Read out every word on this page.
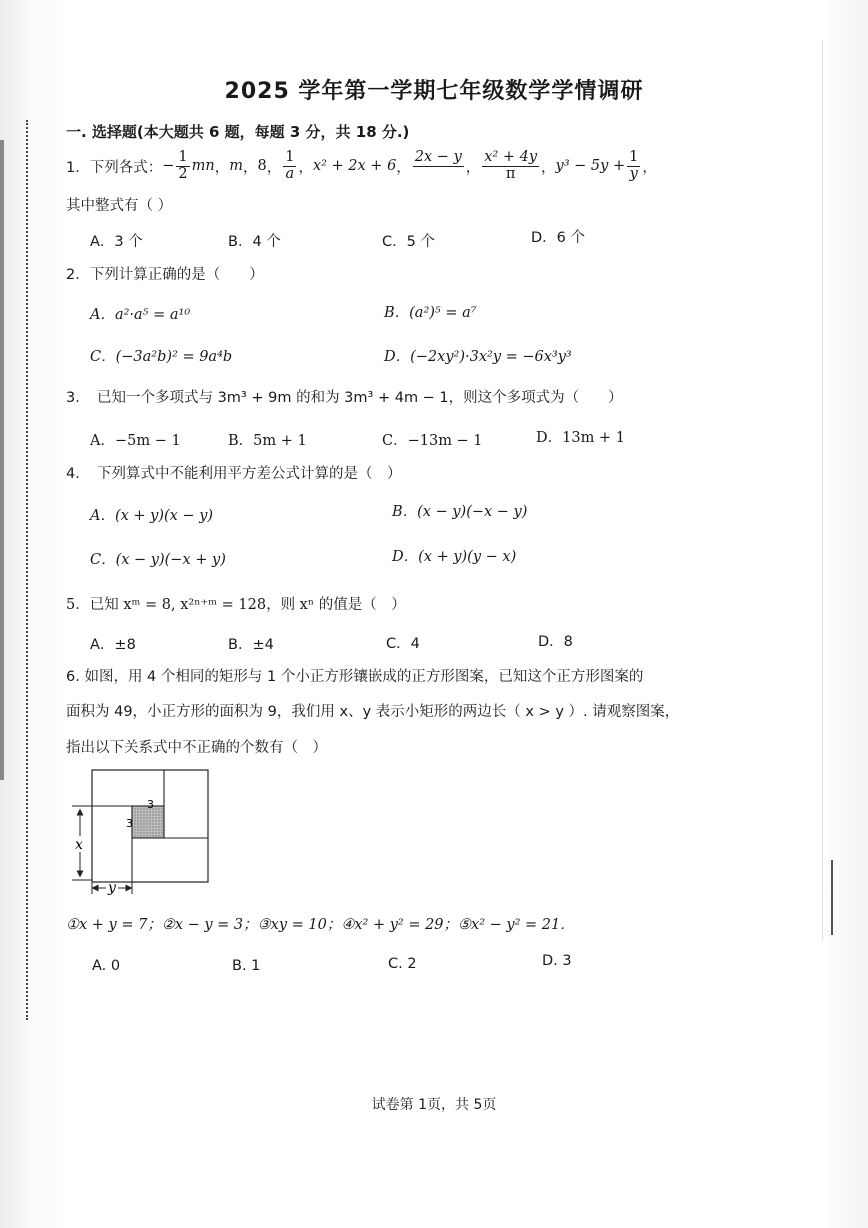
2025 学年第一学期七年级数学学情调研
一. 选择题(本大题共 6 题，每题 3 分，共 18 分.)
1．下列各式： − $\frac{1}{2}$ mn ， m ， 8 ， $\frac{1}{a}$ ， x² + 2x + 6 ，
2x − y

， $\frac{\text{x² + 4y}}{\pi}$ ， $y^3 - 5y + \frac{1}{y}$ ，
其中整式有（ ）
A．3 个	B．4 个	C．5 个	D．6 个
2．下列计算正确的是（　　）
A．a²·a⁵ = a¹⁰	B．(a²)⁵ = a⁷
C．(−3a²b)² = 9a⁴b	D．(−2xy²)·3x²y = −6x³y³
3．　已知一个多项式与 3m³ + 9m 的和为 3m³ + 4m − 1，则这个多项式为（　　）
A．−5m − 1	B．5m + 1	C．−13m − 1	D．13m + 1
4．　下列算式中不能利用平方差公式计算的是（　）
A．(x + y)(x − y)	B．(x − y)(−x − y)
C．(x − y)(−x + y)	D．(x + y)(y − x)
5．已知 xᵐ = 8, x²ⁿ⁺ᵐ = 128，则 xⁿ 的值是（　）
A．±8	B．±4	C．4	D．8
6. 如图，用 4 个相同的矩形与 1 个小正方形镶嵌成的正方形图案，已知这个正方形图案的
面积为 49，小正方形的面积为 9，我们用 x、y 表示小矩形的两边长（ x > y ）. 请观察图案，
指出以下关系式中不正确的个数有（　）
3
3
x
y
①x + y = 7；②x − y = 3；③xy = 10；④x² + y² = 29；⑤x² − y² = 21．
A. 0	B. 1	C. 2	D. 3
试卷第 1页，共 5页
